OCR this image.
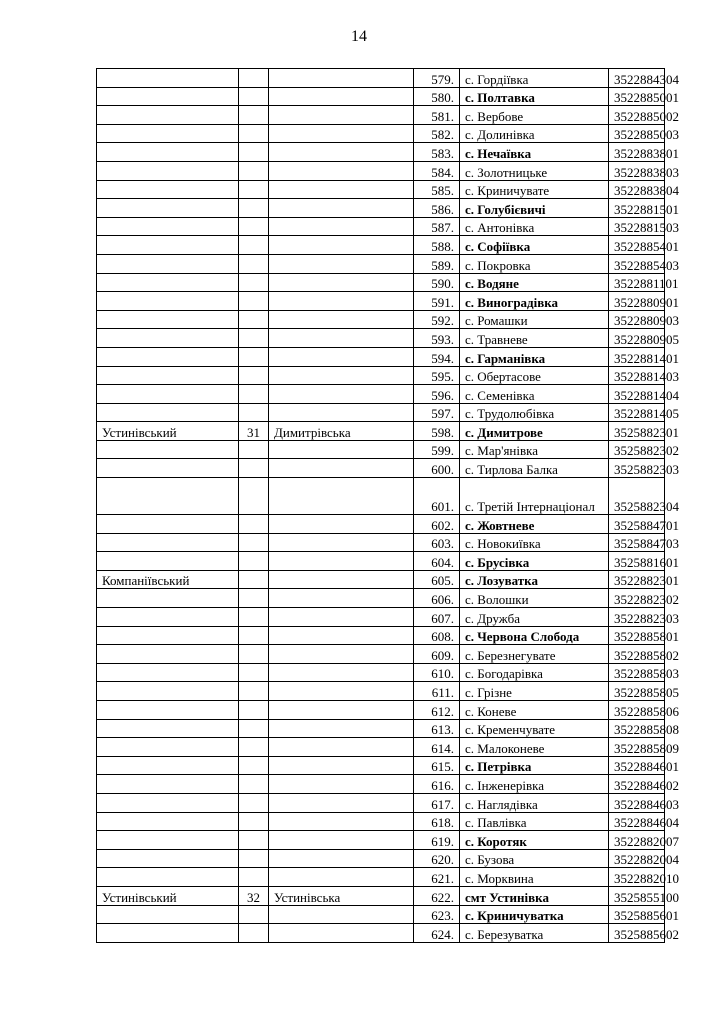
14
			579.	с. Гордіївка	3522884304
			580.	с. Полтавка	3522885001
			581.	с. Вербове	3522885002
			582.	с. Долинівка	3522885003
			583.	с. Нечаївка	3522883801
			584.	с. Золотницьке	3522883803
			585.	с. Криничувате	3522883804
			586.	с. Голубієвичі	3522881501
			587.	с. Антонівка	3522881503
			588.	с. Софіївка	3522885401
			589.	с. Покровка	3522885403
			590.	с. Водяне	3522881101
			591.	с. Виноградівка	3522880901
			592.	с. Ромашки	3522880903
			593.	с. Травневе	3522880905
			594.	с. Гарманівка	3522881401
			595.	с. Обертасове	3522881403
			596.	с. Семенівка	3522881404
			597.	с. Трудолюбівка	3522881405
Устинівський	31	Димитрівська	598.	с. Димитрове	3525882301
			599.	с. Мар'янівка	3525882302
			600.	с. Тирлова Балка	3525882303
			601.	с. Третій Інтернаціонал	3525882304
			602.	с. Жовтневе	3525884701
			603.	с. Новокиївка	3525884703
			604.	с. Брусівка	3525881601
Компаніївський			605.	с. Лозуватка	3522882301
			606.	с. Волошки	3522882302
			607.	с. Дружба	3522882303
			608.	с. Червона Слобода	3522885801
			609.	с. Березнегувате	3522885802
			610.	с. Богодарівка	3522885803
			611.	с. Грізне	3522885805
			612.	с. Коневе	3522885806
			613.	с. Кременчувате	3522885808
			614.	с. Малоконеве	3522885809
			615.	с. Петрівка	3522884601
			616.	с. Інженерівка	3522884602
			617.	с. Наглядівка	3522884603
			618.	с. Павлівка	3522884604
			619.	с. Коротяк	3522882007
			620.	с. Бузова	3522882004
			621.	с. Морквина	3522882010
Устинівський	32	Устинівська	622.	смт Устинівка	3525855100
			623.	с. Криничуватка	3525885601
			624.	с. Березуватка	3525885602
